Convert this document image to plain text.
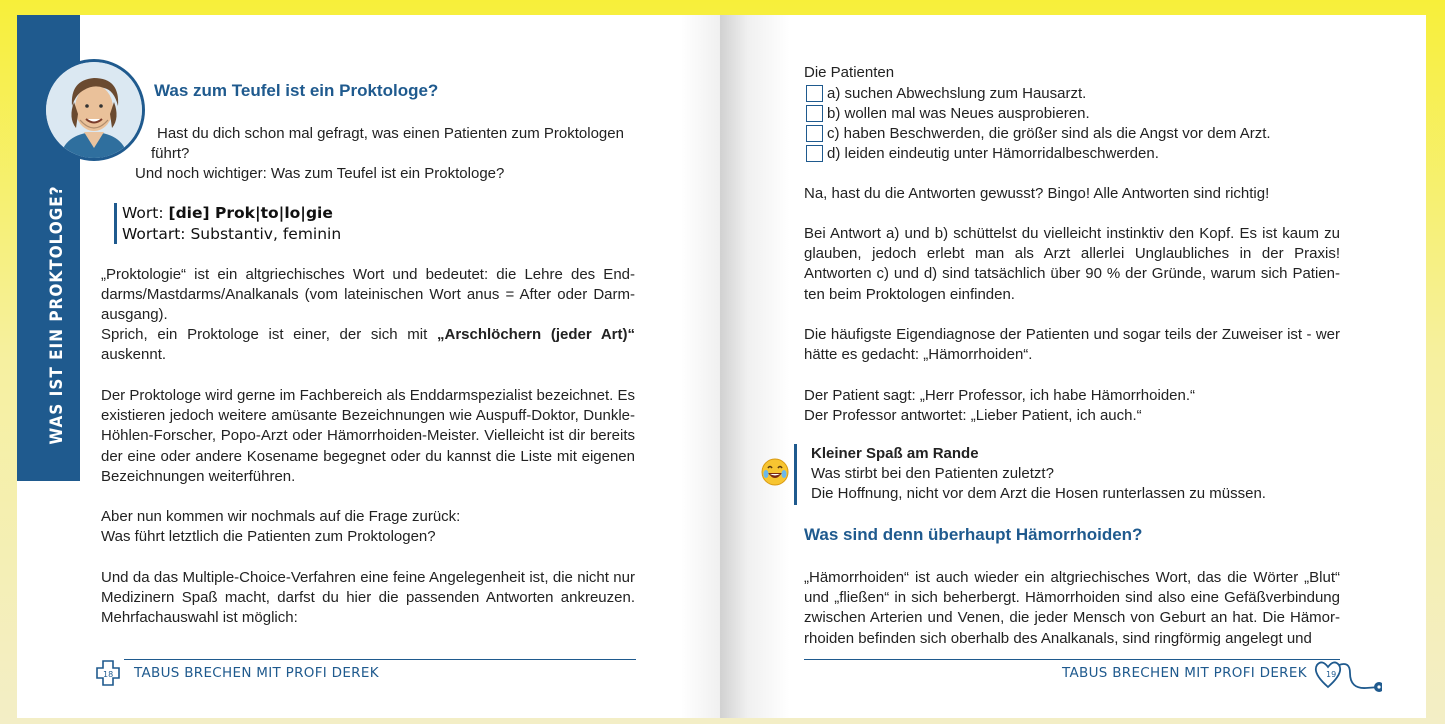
WAS IST EIN PROKTOLOGE?
Was zum Teufel ist ein Proktologe?

Hast du dich schon mal gefragt, was einen Patienten zum Proktologen

führt?

Und noch wichtiger: Was zum Teufel ist ein Proktologe?

Wort: [die] Prok|to|lo|gie
Wortart: Substantiv, feminin

„Proktologie“ ist ein altgriechisches Wort und bedeutet: die Lehre des Enddarms/Mastdarms/Analkanals (vom lateinischen Wort anus = After oder Darmausgang).

Sprich, ein Proktologe ist einer, der sich mit „Arschlöchern (jeder Art)“ auskennt.

Der Proktologe wird gerne im Fachbereich als Enddarmspezialist bezeichnet. Es existieren jedoch weitere amüsante Bezeichnungen wie Auspuff-Doktor, Dunkle-Höhlen-Forscher, Popo-Arzt oder Hämorrhoiden-Meister. Vielleicht ist dir bereits der eine oder andere Kosename begegnet oder du kannst die Liste mit eigenen Bezeichnungen weiterführen.

Aber nun kommen wir nochmals auf die Frage zurück:

Was führt letztlich die Patienten zum Proktologen?

Und da das Multiple-Choice-Verfahren eine feine Angelegenheit ist, die nicht nur Medizinern Spaß macht, darfst du hier die passenden Antworten ankreuzen. Mehrfachauswahl ist möglich:

18 TABUS BRECHEN MIT PROFI DEREK

Die Patienten

a) suchen Abwechslung zum Hausarzt.
b) wollen mal was Neues ausprobieren.
c) haben Beschwerden, die größer sind als die Angst vor dem Arzt.
d) leiden eindeutig unter Hämorridalbeschwerden.

Na, hast du die Antworten gewusst? Bingo! Alle Antworten sind richtig!

Bei Antwort a) und b) schüttelst du vielleicht instinktiv den Kopf. Es ist kaum zu glauben, jedoch erlebt man als Arzt allerlei Unglaubliches in der Praxis! Antworten c) und d) sind tatsächlich über 90 % der Gründe, warum sich Patienten beim Proktologen einfinden.

Die häufigste Eigendiagnose der Patienten und sogar teils der Zuweiser ist - wer hätte es gedacht: „Hämorrhoiden“.

Der Patient sagt: „Herr Professor, ich habe Hämorrhoiden.“

Der Professor antwortet: „Lieber Patient, ich auch.“

Kleiner Spaß am Rande
Was stirbt bei den Patienten zuletzt?
Die Hoffnung, nicht vor dem Arzt die Hosen runterlassen zu müssen.
Was sind denn überhaupt Hämorrhoiden?

„Hämorrhoiden“ ist auch wieder ein altgriechisches Wort, das die Wörter „Blut“ und „fließen“ in sich beherbergt. Hämorrhoiden sind also eine Gefäßverbindung zwischen Arterien und Venen, die jeder Mensch von Geburt an hat. Die Hämorrhoiden befinden sich oberhalb des Analkanals, sind ringförmig angelegt und

TABUS BRECHEN MIT PROFI DEREK 19
